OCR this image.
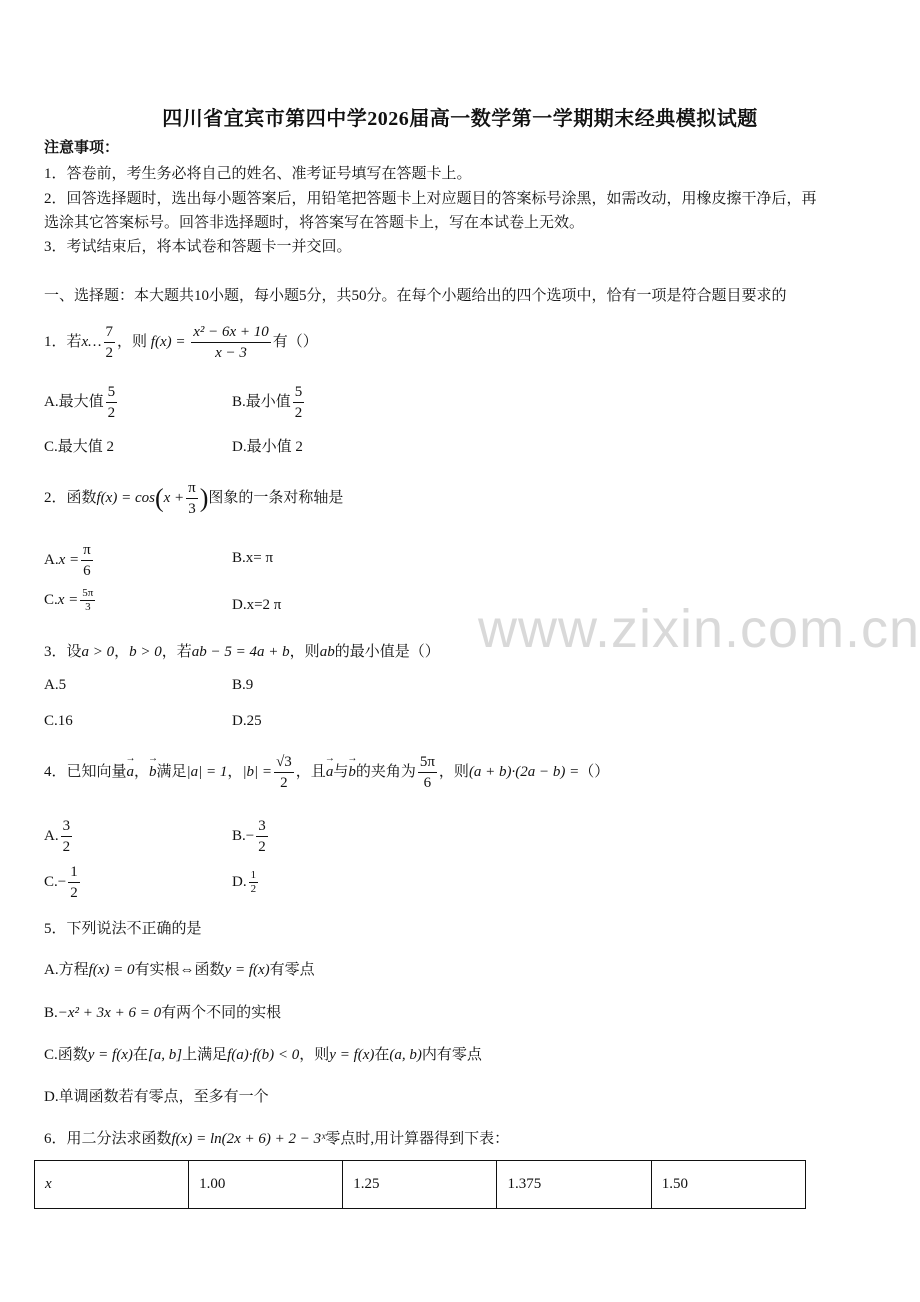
四川省宜宾市第四中学2026届高一数学第一学期期末经典模拟试题
注意事项：
1．答卷前，考生务必将自己的姓名、准考证号填写在答题卡上。
2．回答选择题时，选出每小题答案后，用铅笔把答题卡上对应题目的答案标号涂黑，如需改动，用橡皮擦干净后，再
选涂其它答案标号。回答非选择题时，将答案写在答题卡上，写在本试卷上无效。
3．考试结束后，将本试卷和答题卡一并交回。
一、选择题：本大题共10小题，每小题5分，共50分。在每个小题给出的四个选项中，恰有一项是符合题目要求的
1．若x… $\frac{7}{2}$ ，则 $f(x) = \frac{\text{x² − 6x + 10}}{x - 3}$ 有（）
A.最大值 $\frac{5}{2}$	B.最小值 $\frac{5}{2}$
C.最大值 2	D.最小值 2
2．函数$f(x) = \cos(x + \frac{\pi}{3}$ )图象的一条对称轴是
$A.x = \frac{\pi}{6}$	B.x= π
$C.x = \frac{5\pi}{3}$	D.x=2 π
3．设a > 0，b > 0，若ab − 5 = 4a + b，则ab的最小值是（）
A.5	B.9
C.16	D.25
4．已知向量→ a，→ b满足|a| = 1，$|b| = \frac{√3}{2}$ ，且→ a与→ b的夹角为 $\frac{5\pi}{6}$ ，则(a + b)·(2a − b) =（）
A. $\frac{3}{2}$	$B.- \frac{3}{2}$
$C.- \frac{1}{2}$	D. $\frac{1}{2}$
5．下列说法不正确的是
A.方程f(x) = 0有实根⇔函数y = f(x)有零点
B.−x² + 3x + 6 = 0有两个不同的实根
C.函数y = f(x)在[a, b]上满足f(a)·f(b) < 0，则y = f(x)在(a, b)内有零点
D.单调函数若有零点，至多有一个
6．用二分法求函数f(x) = ln(2x + 6) + 2 − 3ˣ零点时,用计算器得到下表：
x	1.00	1.25	1.375	1.50
www.zixin.com.cn
